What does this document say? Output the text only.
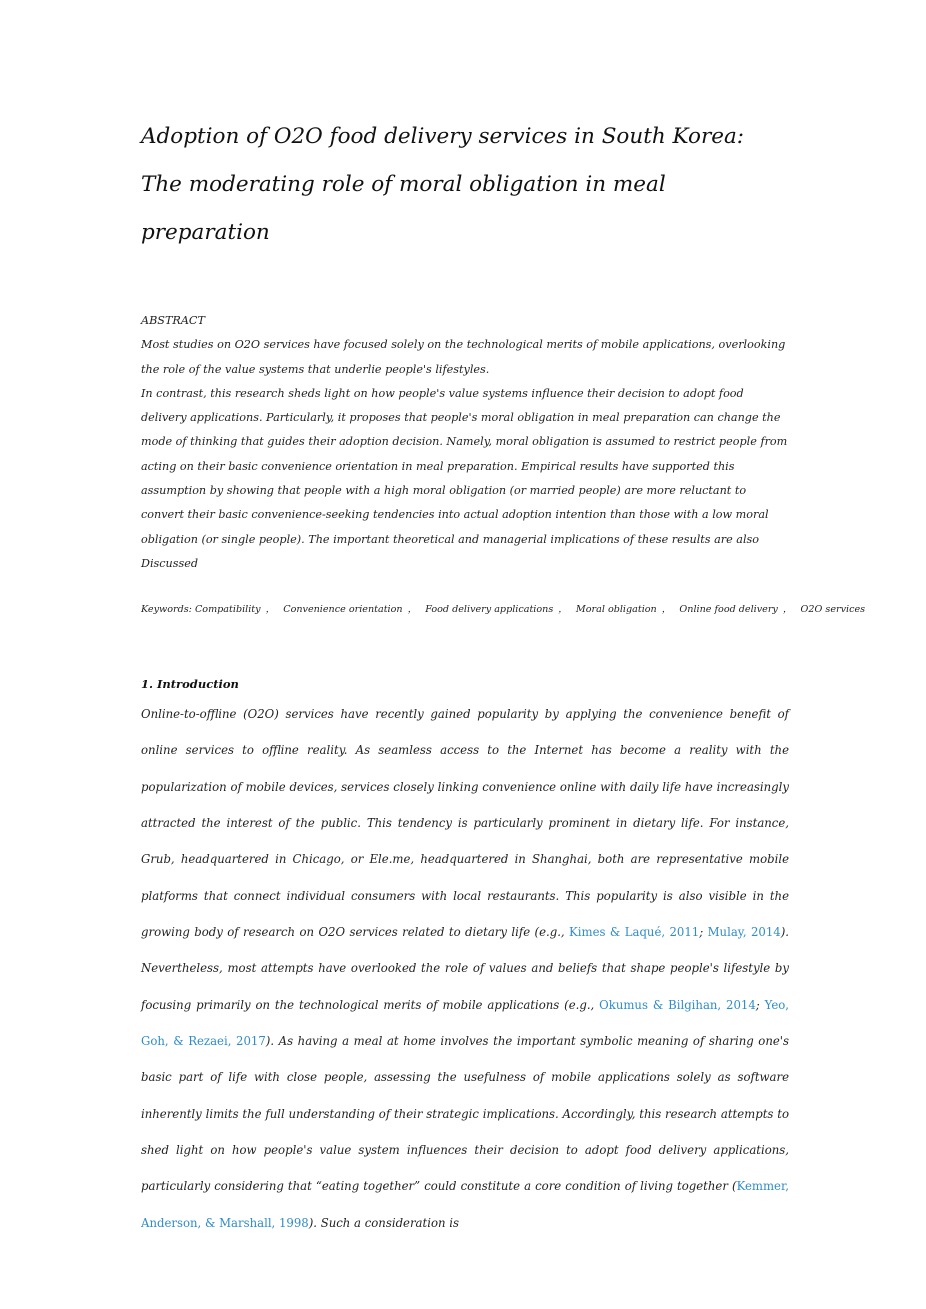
Adoption of O2O food delivery services in South Korea: The moderating role of moral obligation in meal preparation

ABSTRACT

Most studies on O2O services have focused solely on the technological merits of mobile applications, overlooking the role of the value systems that underlie people's lifestyles.

In contrast, this research sheds light on how people's value systems influence their decision to adopt food delivery applications. Particularly, it proposes that people's moral obligation in meal preparation can change the mode of thinking that guides their adoption decision. Namely, moral obligation is assumed to restrict people from acting on their basic convenience orientation in meal preparation. Empirical results have supported this assumption by showing that people with a high moral obligation (or married people) are more reluctant to convert their basic convenience-seeking tendencies into actual adoption intention than those with a low moral obligation (or single people). The important theoretical and managerial implications of these results are also Discussed

Keywords: Compatibility ， Convenience orientation ， Food delivery applications ， Moral obligation ， Online food delivery ， O2O services
1. Introduction

Online-to-offline (O2O) services have recently gained popularity by applying the convenience benefit of online services to offline reality. As seamless access to the Internet has become a reality with the popularization of mobile devices, services closely linking convenience online with daily life have increasingly attracted the interest of the public. This tendency is particularly prominent in dietary life. For instance, Grub, headquartered in Chicago, or Ele.me, headquartered in Shanghai, both are representative mobile platforms that connect individual consumers with local restaurants. This popularity is also visible in the growing body of research on O2O services related to dietary life (e.g., Kimes & Laqué, 2011; Mulay, 2014). Nevertheless, most attempts have overlooked the role of values and beliefs that shape people's lifestyle by focusing primarily on the technological merits of mobile applications (e.g., Okumus & Bilgihan, 2014; Yeo, Goh, & Rezaei, 2017). As having a meal at home involves the important symbolic meaning of sharing one's basic part of life with close people, assessing the usefulness of mobile applications solely as software inherently limits the full understanding of their strategic implications. Accordingly, this research attempts to shed light on how people's value system influences their decision to adopt food delivery applications, particularly considering that “eating together” could constitute a core condition of living together (Kemmer, Anderson, & Marshall, 1998). Such a consideration is
